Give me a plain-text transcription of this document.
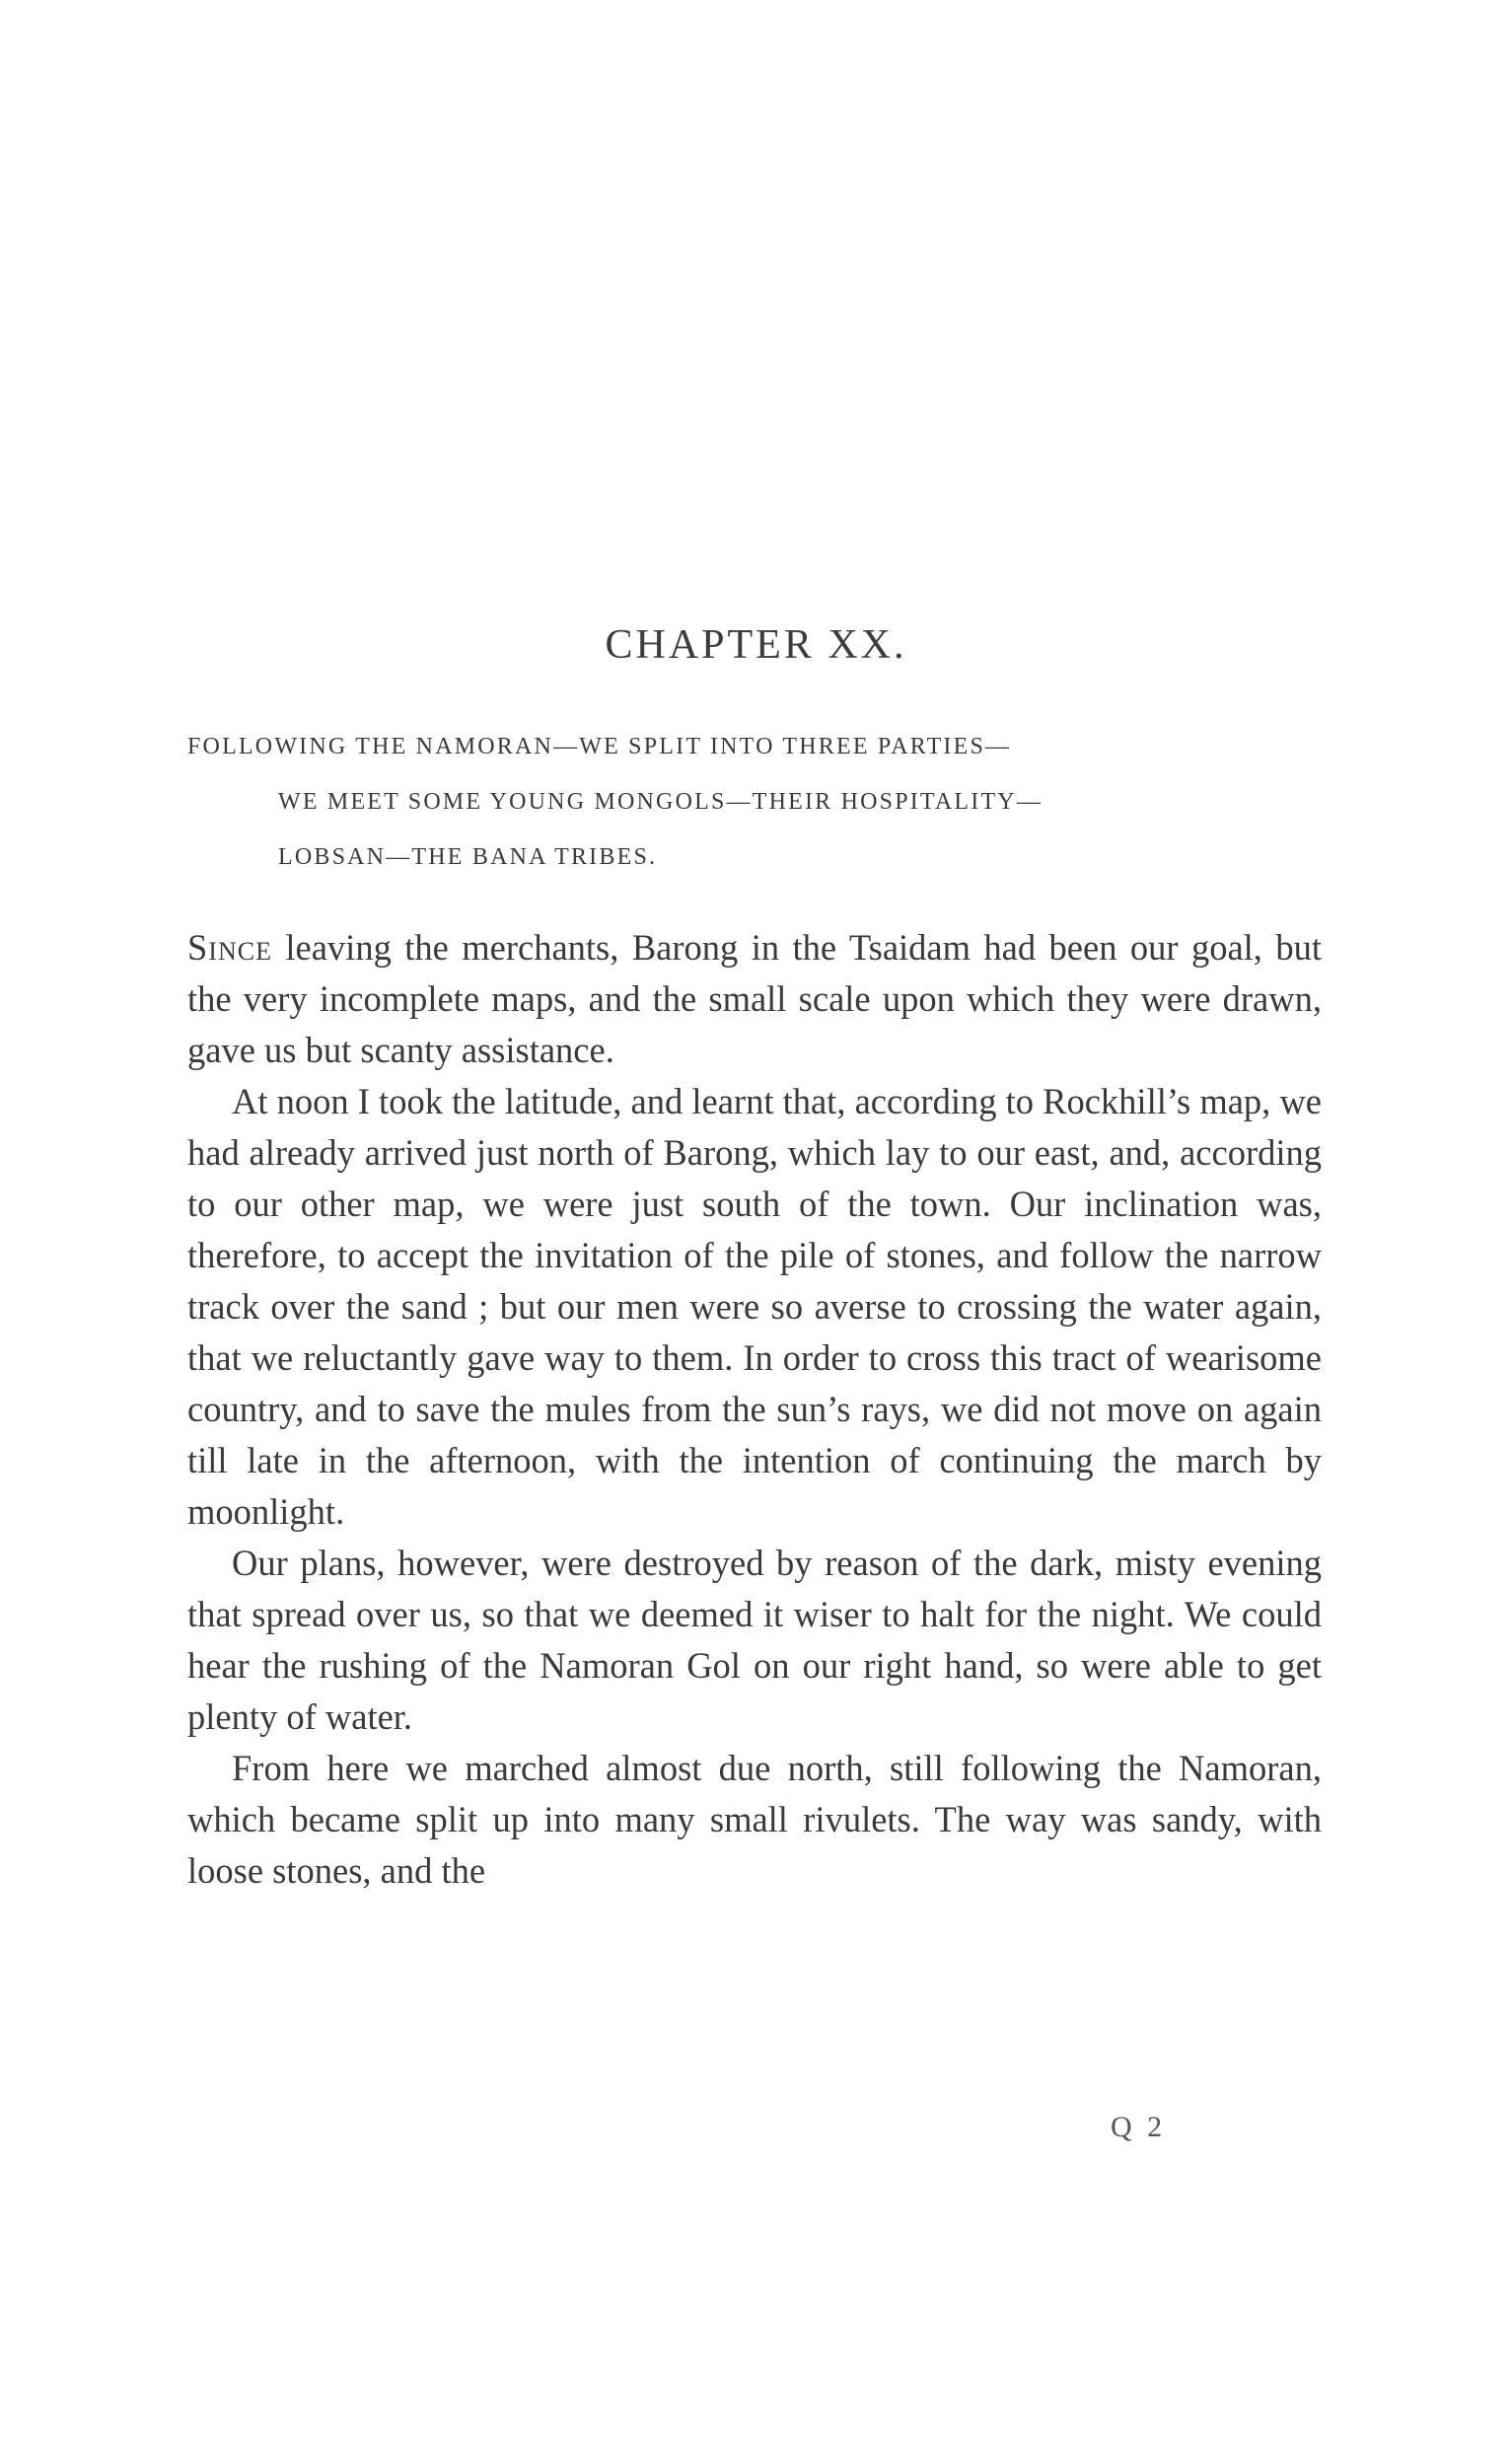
CHAPTER XX.
FOLLOWING THE NAMORAN—WE SPLIT INTO THREE PARTIES—
WE MEET SOME YOUNG MONGOLS—THEIR HOSPITALITY—
LOBSAN—THE BANA TRIBES.

Since leaving the merchants, Barong in the Tsaidam had been our goal, but the very incomplete maps, and the small scale upon which they were drawn, gave us but scanty assistance.

At noon I took the latitude, and learnt that, according to Rockhill’s map, we had already arrived just north of Barong, which lay to our east, and, according to our other map, we were just south of the town. Our inclination was, therefore, to accept the invitation of the pile of stones, and follow the narrow track over the sand ; but our men were so averse to crossing the water again, that we reluctantly gave way to them. In order to cross this tract of wearisome country, and to save the mules from the sun’s rays, we did not move on again till late in the afternoon, with the intention of continuing the march by moonlight.

Our plans, however, were destroyed by reason of the dark, misty evening that spread over us, so that we deemed it wiser to halt for the night. We could hear the rushing of the Namoran Gol on our right hand, so were able to get plenty of water.

From here we marched almost due north, still following the Namoran, which became split up into many small rivulets. The way was sandy, with loose stones, and the

Q 2
